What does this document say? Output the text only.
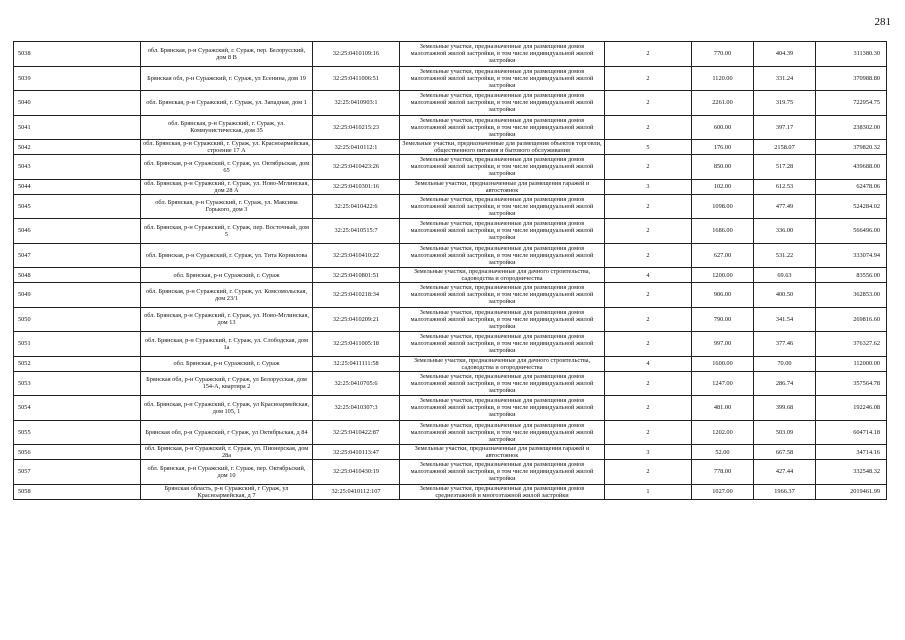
281
5038	обл. Брянская, р-н Суражский, г. Сураж, пер. Белорусский, дом 8 В	32:25:0410109:16	Земельные участки, предназначенные для размещения домов малоэтажной жилой застройки, в том числе индивидуальной жилой застройки	2	770.00	404.39	311380.30
5039	Брянская обл, р-н Суражский, г. Сураж, ул Есенина, дом 19	32:25:0411006:51	Земельные участки, предназначенные для размещения домов малоэтажной жилой застройки, в том числе индивидуальной жилой застройки	2	1120.00	331.24	370988.80
5040	обл. Брянская, р-н Суражский, г. Сураж, ул. Западная, дом 1	32:25:0410903:1	Земельные участки, предназначенные для размещения домов малоэтажной жилой застройки, в том числе индивидуальной жилой застройки	2	2261.00	319.75	722954.75
5041	обл. Брянская, р-н Суражский, г. Сураж, ул. Коммунистическая, дом 35	32:25:0410215:23	Земельные участки, предназначенные для размещения домов малоэтажной жилой застройки, в том числе индивидуальной жилой застройки	2	600.00	397.17	238302.00
5042	обл. Брянская, р-н Суражский, г. Сураж, ул. Красноармейская, строение 17 А	32:25:0410112:1	Земельные участки, предназначенные для размещения объектов торговли, общественного питания и бытового обслуживания	5	176.00	2158.07	379820.32
5043	обл. Брянская, р-н Суражский, г. Сураж, ул. Октябрьская, дом 65	32:25:0410423:26	Земельные участки, предназначенные для размещения домов малоэтажной жилой застройки, в том числе индивидуальной жилой застройки	2	850.00	517.28	439688.00
5044	обл. Брянская, р-н Суражский, г. Сураж, ул. Ново-Мглинская, дом 28 А	32:25:0410301:16	Земельные участки, предназначенные для размещения гаражей и автостоянок	3	102.00	612.53	62478.06
5045	обл. Брянская, р-н Суражский, г. Сураж, ул. Максима Горького, дом 3	32:25:0410422:6	Земельные участки, предназначенные для размещения домов малоэтажной жилой застройки, в том числе индивидуальной жилой застройки	2	1098.00	477.49	524284.02
5046	обл. Брянская, р-н Суражский, г. Сураж, пер. Восточный, дом 5	32:25:0410515:7	Земельные участки, предназначенные для размещения домов малоэтажной жилой застройки, в том числе индивидуальной жилой застройки	2	1686.00	336.00	566496.00
5047	обл. Брянская, р-н Суражский, г. Сураж, ул. Тита Корнилова	32:25:0410410:22	Земельные участки, предназначенные для размещения домов малоэтажной жилой застройки, в том числе индивидуальной жилой застройки	2	627.00	531.22	333074.94
5048	обл. Брянская, р-н Суражский, г. Сураж	32:25:0410801:51	Земельные участки, предназначенные для дачного строительства, садоводства и огородничества	4	1200.00	69.63	83556.00
5049	обл. Брянская, р-н Суражский, г. Сураж, ул. Комсомольская, дом 23/1	32:25:0410218:34	Земельные участки, предназначенные для размещения домов малоэтажной жилой застройки, в том числе индивидуальной жилой застройки	2	906.00	400.50	362853.00
5050	обл. Брянская, р-н Суражский, г. Сураж, ул. Ново-Мглинская, дом 13	32:25:0410209:21	Земельные участки, предназначенные для размещения домов малоэтажной жилой застройки, в том числе индивидуальной жилой застройки	2	790.00	341.54	269816.60
5051	обл. Брянская, р-н Суражский, г. Сураж, ул. Слободская, дом 1а	32:25:0411005:18	Земельные участки, предназначенные для размещения домов малоэтажной жилой застройки, в том числе индивидуальной жилой застройки	2	997.00	377.46	376327.62
5052	обл. Брянская, р-н Суражский, г. Сураж	32:25:0411111:58	Земельные участки, предназначенные для дачного строительства, садоводства и огородничества	4	1600.00	70.00	112000.00
5053	Брянская обл, р-н Суражский, г Сураж, ул Белорусская, дом 154-А, квартира 2	32:25:0410705:6	Земельные участки, предназначенные для размещения домов малоэтажной жилой застройки, в том числе индивидуальной жилой застройки	2	1247.00	286.74	357564.78
5054	обл. Брянская, р-н Суражский, г. Сураж, ул Красноармейская, дом 105, 1	32:25:0410307:3	Земельные участки, предназначенные для размещения домов малоэтажной жилой застройки, в том числе индивидуальной жилой застройки	2	481.00	399.68	192246.08
5055	Брянская обл, р-н Суражский, г Сураж, ул Октябрьская, д 84	32:25:0410422:87	Земельные участки, предназначенные для размещения домов малоэтажной жилой застройки, в том числе индивидуальной жилой застройки	2	1202.00	503.09	604714.18
5056	обл. Брянская, р-н Суражский, г. Сураж, ул. Пионерская, дом 28а	32:25:0410113:47	Земельные участки, предназначенные для размещения гаражей и автостоянок	3	52.00	667.58	34714.16
5057	обл. Брянская, р-н Суражский, г. Сураж, пер. Октябрьский, дом 10	32:25:0410430:19	Земельные участки, предназначенные для размещения домов малоэтажной жилой застройки, в том числе индивидуальной жилой застройки	2	778.00	427.44	332548.32
5058	Брянская область, р-н Суражский, г Сураж, ул Красноармейская, д 7	32:25:0410112:107	Земельные участки, предназначенные для размещения домов среднеэтажной и многоэтажной жилой застройки	1	1027.00	1966.37	2019461.99
